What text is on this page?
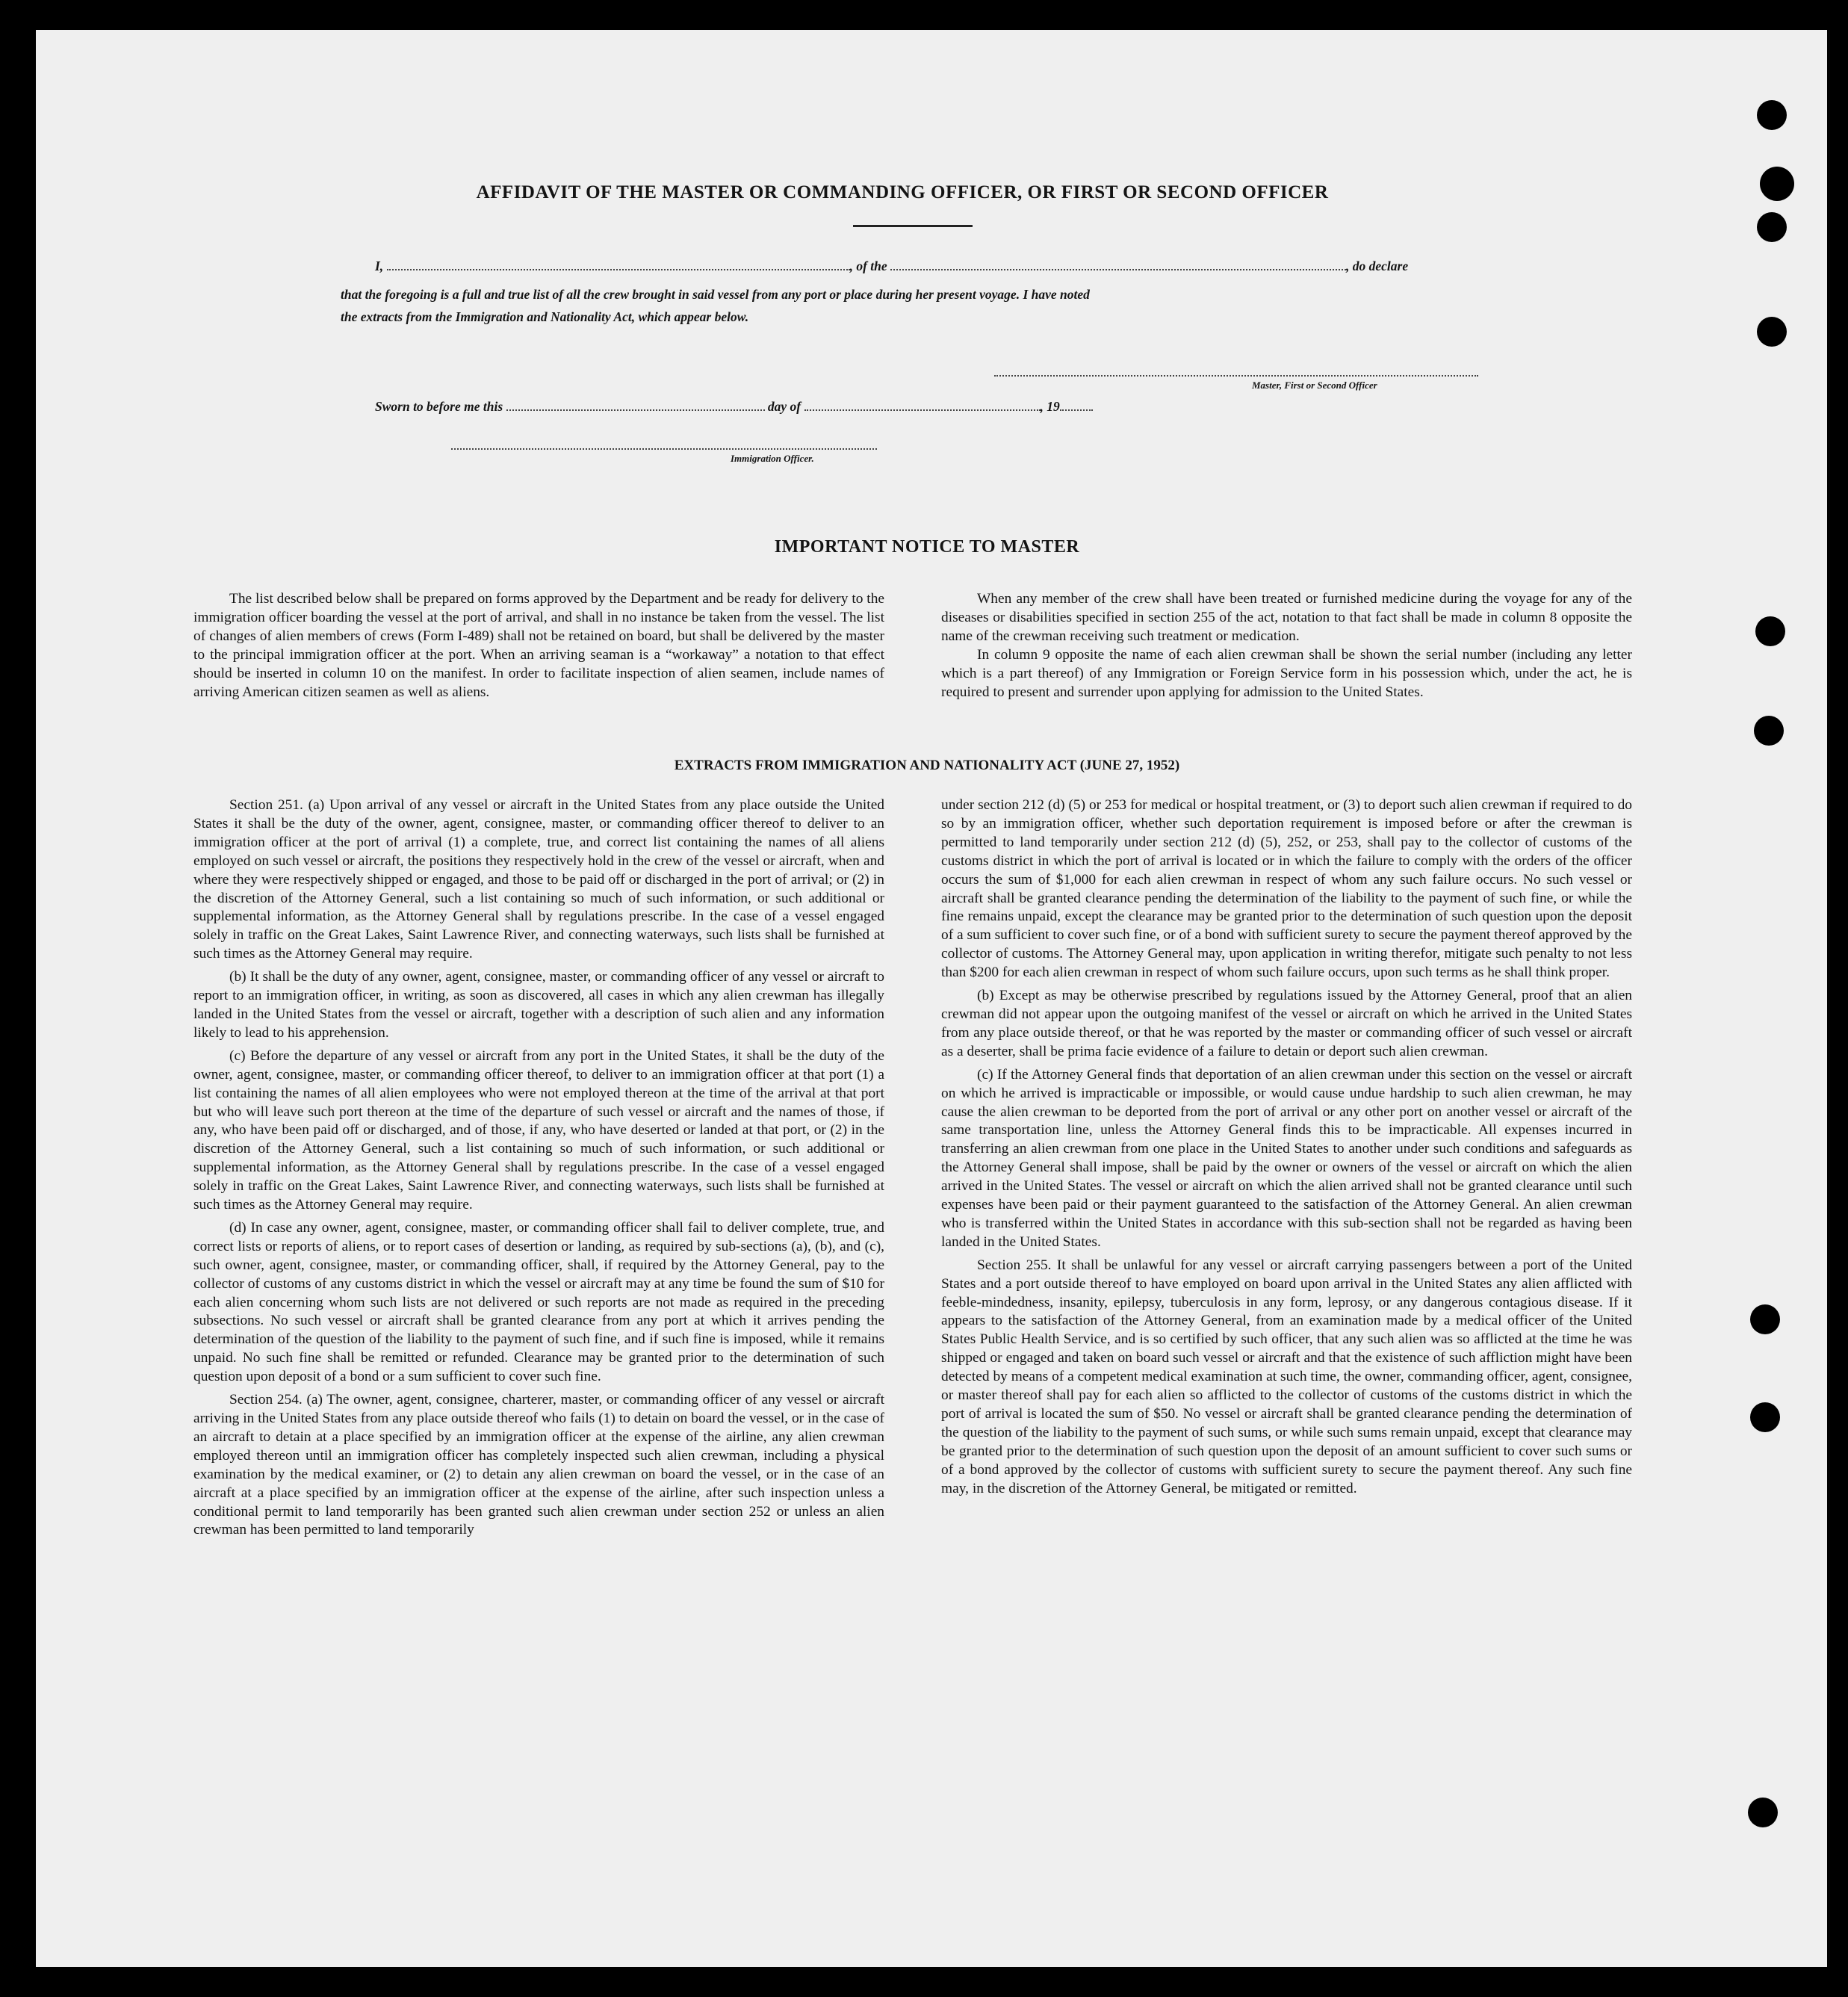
AFFIDAVIT OF THE MASTER OR COMMANDING OFFICER, OR FIRST OR SECOND OFFICER
I,	, of the	, do declare
that the foregoing is a full and true list of all the crew brought in said vessel from any port or place during her present voyage. I have noted
the extracts from the Immigration and Nationality Act, which appear below.
Master, First or Second Officer
Sworn to before me this	day of	, 19
Immigration Officer.
IMPORTANT NOTICE TO MASTER

The list described below shall be prepared on forms approved by the Department and be ready for delivery to the immigration officer boarding the vessel at the port of arrival, and shall in no instance be taken from the vessel. The list of changes of alien members of crews (Form I-489) shall not be retained on board, but shall be delivered by the master to the principal immigration officer at the port. When an arriving seaman is a “workaway” a notation to that effect should be inserted in column 10 on the manifest. In order to facilitate inspection of alien seamen, include names of arriving American citizen seamen as well as aliens.

When any member of the crew shall have been treated or furnished medicine during the voyage for any of the diseases or disabilities specified in section 255 of the act, notation to that fact shall be made in column 8 opposite the name of the crewman receiving such treatment or medication.

In column 9 opposite the name of each alien crewman shall be shown the serial number (including any letter which is a part thereof) of any Immigration or Foreign Service form in his possession which, under the act, he is required to present and surrender upon applying for admission to the United States.

EXTRACTS FROM IMMIGRATION AND NATIONALITY ACT (JUNE 27, 1952)

Section 251. (a) Upon arrival of any vessel or aircraft in the United States from any place outside the United States it shall be the duty of the owner, agent, consignee, master, or commanding officer thereof to deliver to an immigration officer at the port of arrival (1) a complete, true, and correct list containing the names of all aliens employed on such vessel or aircraft, the positions they respectively hold in the crew of the vessel or aircraft, when and where they were respectively shipped or engaged, and those to be paid off or discharged in the port of arrival; or (2) in the discretion of the Attorney General, such a list containing so much of such information, or such additional or supplemental information, as the Attorney General shall by regulations prescribe. In the case of a vessel engaged solely in traffic on the Great Lakes, Saint Lawrence River, and connecting waterways, such lists shall be furnished at such times as the Attorney General may require.

(b) It shall be the duty of any owner, agent, consignee, master, or commanding officer of any vessel or aircraft to report to an immigration officer, in writing, as soon as discovered, all cases in which any alien crewman has illegally landed in the United States from the vessel or aircraft, together with a description of such alien and any information likely to lead to his apprehension.

(c) Before the departure of any vessel or aircraft from any port in the United States, it shall be the duty of the owner, agent, consignee, master, or commanding officer thereof, to deliver to an immigration officer at that port (1) a list containing the names of all alien employees who were not employed thereon at the time of the arrival at that port but who will leave such port thereon at the time of the departure of such vessel or aircraft and the names of those, if any, who have been paid off or discharged, and of those, if any, who have deserted or landed at that port, or (2) in the discretion of the Attorney General, such a list containing so much of such information, or such additional or supplemental information, as the Attorney General shall by regulations prescribe. In the case of a vessel engaged solely in traffic on the Great Lakes, Saint Lawrence River, and connecting waterways, such lists shall be furnished at such times as the Attorney General may require.

(d) In case any owner, agent, consignee, master, or commanding officer shall fail to deliver complete, true, and correct lists or reports of aliens, or to report cases of desertion or landing, as required by sub-sections (a), (b), and (c), such owner, agent, consignee, master, or commanding officer, shall, if required by the Attorney General, pay to the collector of customs of any customs district in which the vessel or aircraft may at any time be found the sum of $10 for each alien concerning whom such lists are not delivered or such reports are not made as required in the preceding subsections. No such vessel or aircraft shall be granted clearance from any port at which it arrives pending the determination of the question of the liability to the payment of such fine, and if such fine is imposed, while it remains unpaid. No such fine shall be remitted or refunded. Clearance may be granted prior to the determination of such question upon deposit of a bond or a sum sufficient to cover such fine.

Section 254. (a) The owner, agent, consignee, charterer, master, or commanding officer of any vessel or aircraft arriving in the United States from any place outside thereof who fails (1) to detain on board the vessel, or in the case of an aircraft to detain at a place specified by an immigration officer at the expense of the airline, any alien crewman employed thereon until an immigration officer has completely inspected such alien crewman, including a physical examination by the medical examiner, or (2) to detain any alien crewman on board the vessel, or in the case of an aircraft at a place specified by an immigration officer at the expense of the airline, after such inspection unless a conditional permit to land temporarily has been granted such alien crewman under section 252 or unless an alien crewman has been permitted to land temporarily

under section 212 (d) (5) or 253 for medical or hospital treatment, or (3) to deport such alien crewman if required to do so by an immigration officer, whether such deportation requirement is imposed before or after the crewman is permitted to land temporarily under section 212 (d) (5), 252, or 253, shall pay to the collector of customs of the customs district in which the port of arrival is located or in which the failure to comply with the orders of the officer occurs the sum of $1,000 for each alien crewman in respect of whom any such failure occurs. No such vessel or aircraft shall be granted clearance pending the determination of the liability to the payment of such fine, or while the fine remains unpaid, except the clearance may be granted prior to the determination of such question upon the deposit of a sum sufficient to cover such fine, or of a bond with sufficient surety to secure the payment thereof approved by the collector of customs. The Attorney General may, upon application in writing therefor, mitigate such penalty to not less than $200 for each alien crewman in respect of whom such failure occurs, upon such terms as he shall think proper.

(b) Except as may be otherwise prescribed by regulations issued by the Attorney General, proof that an alien crewman did not appear upon the outgoing manifest of the vessel or aircraft on which he arrived in the United States from any place outside thereof, or that he was reported by the master or commanding officer of such vessel or aircraft as a deserter, shall be prima facie evidence of a failure to detain or deport such alien crewman.

(c) If the Attorney General finds that deportation of an alien crewman under this section on the vessel or aircraft on which he arrived is impracticable or impossible, or would cause undue hardship to such alien crewman, he may cause the alien crewman to be deported from the port of arrival or any other port on another vessel or aircraft of the same transportation line, unless the Attorney General finds this to be impracticable. All expenses incurred in transferring an alien crewman from one place in the United States to another under such conditions and safeguards as the Attorney General shall impose, shall be paid by the owner or owners of the vessel or aircraft on which the alien arrived in the United States. The vessel or aircraft on which the alien arrived shall not be granted clearance until such expenses have been paid or their payment guaranteed to the satisfaction of the Attorney General. An alien crewman who is transferred within the United States in accordance with this sub-section shall not be regarded as having been landed in the United States.

Section 255. It shall be unlawful for any vessel or aircraft carrying passengers between a port of the United States and a port outside thereof to have employed on board upon arrival in the United States any alien afflicted with feeble-mindedness, insanity, epilepsy, tuberculosis in any form, leprosy, or any dangerous contagious disease. If it appears to the satisfaction of the Attorney General, from an examination made by a medical officer of the United States Public Health Service, and is so certified by such officer, that any such alien was so afflicted at the time he was shipped or engaged and taken on board such vessel or aircraft and that the existence of such affliction might have been detected by means of a competent medical examination at such time, the owner, commanding officer, agent, consignee, or master thereof shall pay for each alien so afflicted to the collector of customs of the customs district in which the port of arrival is located the sum of $50. No vessel or aircraft shall be granted clearance pending the determination of the question of the liability to the payment of such sums, or while such sums remain unpaid, except that clearance may be granted prior to the determination of such question upon the deposit of an amount sufficient to cover such sums or of a bond approved by the collector of customs with sufficient surety to secure the payment thereof. Any such fine may, in the discretion of the Attorney General, be mitigated or remitted.
